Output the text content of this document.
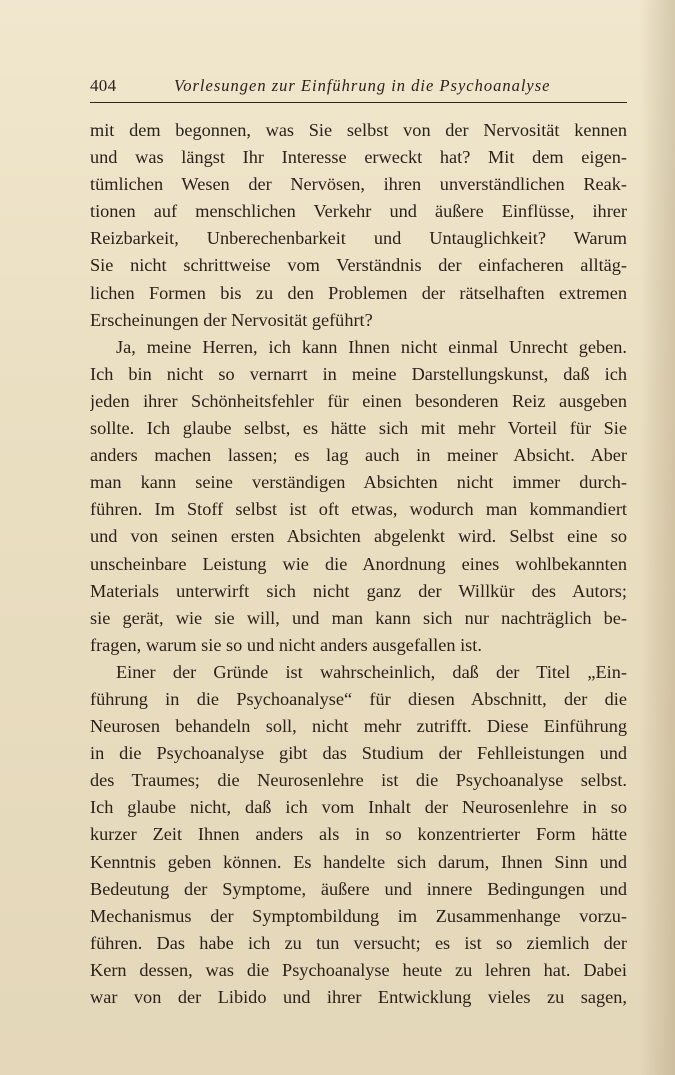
404	Vorlesungen zur Einführung in die Psychoanalyse
mit dem begonnen, was Sie selbst von der Nervosität kennen
und was längst Ihr Interesse erweckt hat? Mit dem eigen-
tümlichen Wesen der Nervösen, ihren unverständlichen Reak-
tionen auf menschlichen Verkehr und äußere Einflüsse, ihrer
Reizbarkeit, Unberechenbarkeit und Untauglichkeit? Warum
Sie nicht schrittweise vom Verständnis der einfacheren alltäg-
lichen Formen bis zu den Problemen der rätselhaften extremen
Erscheinungen der Nervosität geführt?
Ja, meine Herren, ich kann Ihnen nicht einmal Unrecht geben.
Ich bin nicht so vernarrt in meine Darstellungskunst, daß ich
jeden ihrer Schönheitsfehler für einen besonderen Reiz ausgeben
sollte. Ich glaube selbst, es hätte sich mit mehr Vorteil für Sie
anders machen lassen; es lag auch in meiner Absicht. Aber
man kann seine verständigen Absichten nicht immer durch-
führen. Im Stoff selbst ist oft etwas, wodurch man kommandiert
und von seinen ersten Absichten abgelenkt wird. Selbst eine so
unscheinbare Leistung wie die Anordnung eines wohlbekannten
Materials unterwirft sich nicht ganz der Willkür des Autors;
sie gerät, wie sie will, und man kann sich nur nachträglich be-
fragen, warum sie so und nicht anders ausgefallen ist.
Einer der Gründe ist wahrscheinlich, daß der Titel „Ein-
führung in die Psychoanalyse“ für diesen Abschnitt, der die
Neurosen behandeln soll, nicht mehr zutrifft. Diese Einführung
in die Psychoanalyse gibt das Studium der Fehlleistungen und
des Traumes; die Neurosenlehre ist die Psychoanalyse selbst.
Ich glaube nicht, daß ich vom Inhalt der Neurosenlehre in so
kurzer Zeit Ihnen anders als in so konzentrierter Form hätte
Kenntnis geben können. Es handelte sich darum, Ihnen Sinn und
Bedeutung der Symptome, äußere und innere Bedingungen und
Mechanismus der Symptombildung im Zusammenhange vorzu-
führen. Das habe ich zu tun versucht; es ist so ziemlich der
Kern dessen, was die Psychoanalyse heute zu lehren hat. Dabei
war von der Libido und ihrer Entwicklung vieles zu sagen,
